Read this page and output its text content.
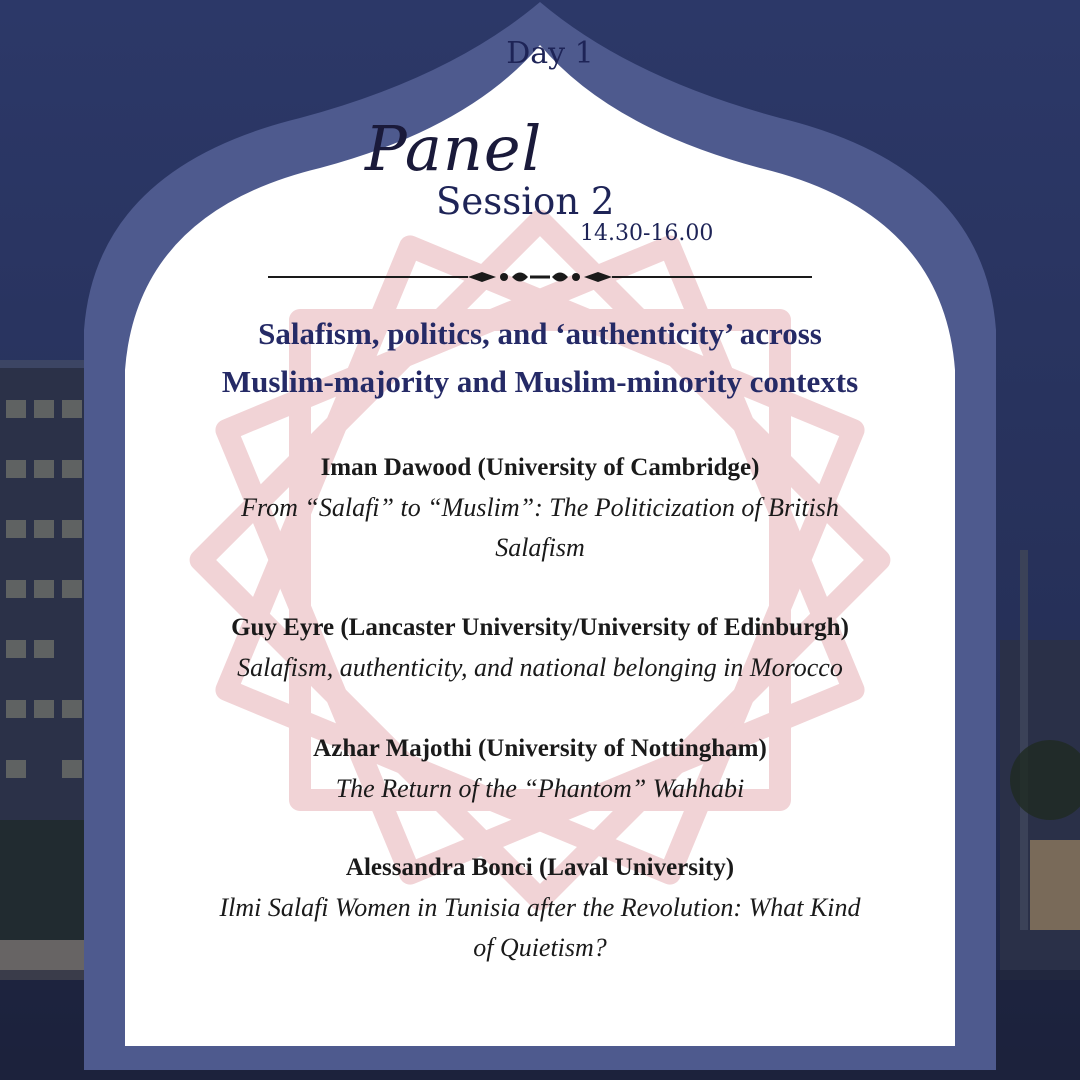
Day 1
Panel
Session 2
14.30-16.00
Salafism, politics, and ‘authenticity’ across
Muslim-majority and Muslim-minority contexts

Iman Dawood (University of Cambridge)

From “Salafi” to “Muslim”: The Politicization of British

Salafism

Guy Eyre (Lancaster University/University of Edinburgh)

Salafism, authenticity, and national belonging in Morocco

Azhar Majothi (University of Nottingham)

The Return of the “Phantom” Wahhabi

Alessandra Bonci (Laval University)

Ilmi Salafi Women in Tunisia after the Revolution: What Kind

of Quietism?
